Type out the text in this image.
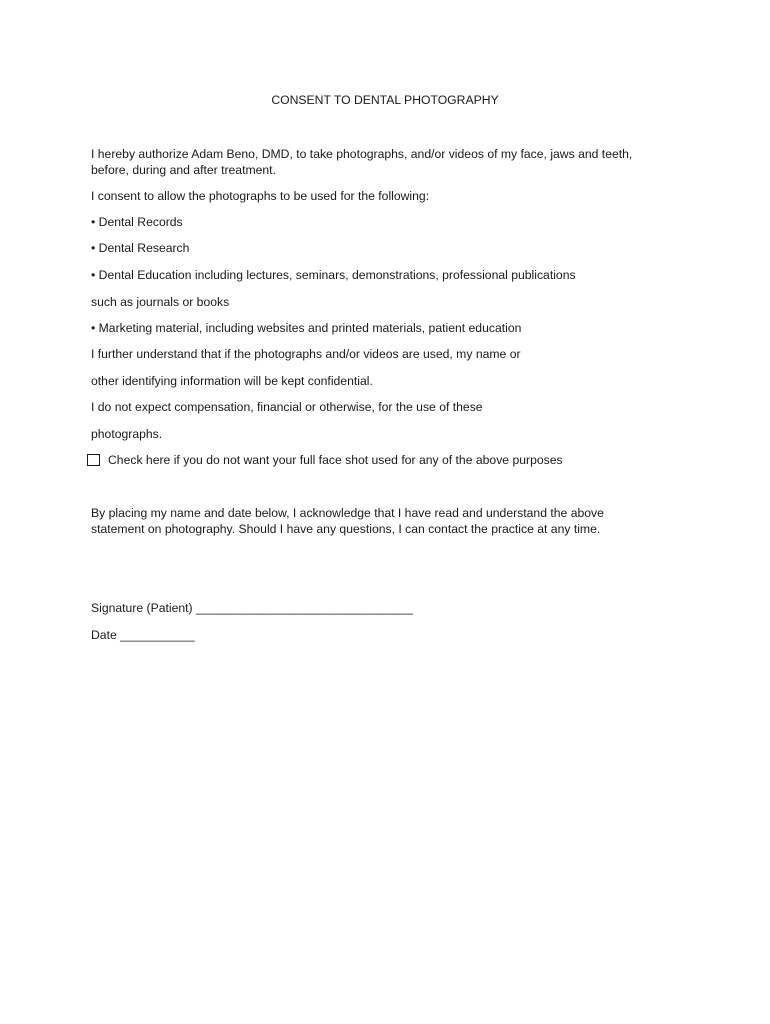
CONSENT TO DENTAL PHOTOGRAPHY
I hereby authorize Adam Beno, DMD, to take photographs, and/or videos of my face, jaws and teeth,
before, during and after treatment.
I consent to allow the photographs to be used for the following:
• Dental Records
• Dental Research
• Dental Education including lectures, seminars, demonstrations, professional publications
such as journals or books
• Marketing material, including websites and printed materials, patient education
I further understand that if the photographs and/or videos are used, my name or
other identifying information will be kept confidential.
I do not expect compensation, financial or otherwise, for the use of these
photographs.
Check here if you do not want your full face shot used for any of the above purposes
By placing my name and date below, I acknowledge that I have read and understand the above
statement on photography. Should I have any questions, I can contact the practice at any time.
Signature (Patient) ________________________________
Date ___________
